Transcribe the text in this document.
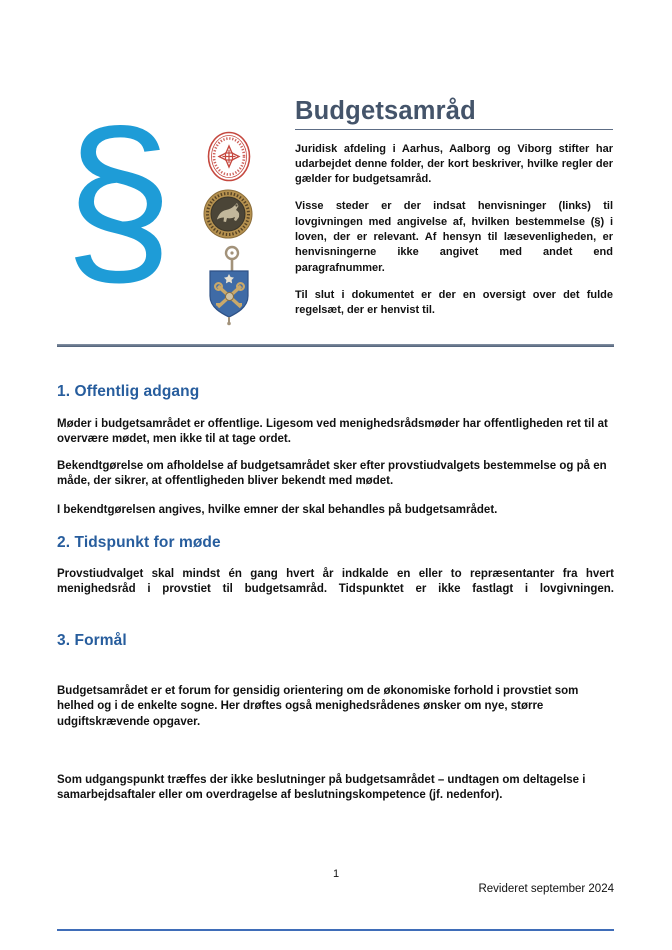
§	Budgetsamråd

Juridisk afdeling i Aarhus, Aalborg og Viborg stifter har udarbejdet denne folder, der kort beskriver, hvilke regler der gælder for budgetsamråd.

Visse steder er der indsat henvisninger (links) til lovgivningen med angivelse af, hvilken bestemmelse (§) i loven, der er relevant. Af hensyn til læsevenligheden, er henvisningerne ikke angivet med andet end paragrafnummer.

Til slut i dokumentet er der en oversigt over det fulde regelsæt, der er henvist til.

1. Offentlig adgang

Møder i budgetsamrådet er offentlige. Ligesom ved menighedsrådsmøder har offentligheden ret til at overvære mødet, men ikke til at tage ordet.

Bekendtgørelse om afholdelse af budgetsamrådet sker efter provstiudvalgets bestemmelse og på en måde, der sikrer, at offentligheden bliver bekendt med mødet.

I bekendtgørelsen angives, hvilke emner der skal behandles på budgetsamrådet.

2. Tidspunkt for møde

Provstiudvalget skal mindst én gang hvert år indkalde en eller to repræsentanter fra hvert menighedsråd i provstiet til budgetsamråd. Tidspunktet er ikke fastlagt i lovgivningen.

3. Formål

Budgetsamrådet er et forum for gensidig orientering om de økonomiske forhold i provstiet som helhed og i de enkelte sogne. Her drøftes også menighedsrådenes ønsker om nye, større udgiftskrævende opgaver.

Som udgangspunkt træffes der ikke beslutninger på budgetsamrådet – undtagen om deltagelse i samarbejdsaftaler eller om overdragelse af beslutningskompetence (jf. nedenfor).

1
Revideret september 2024
